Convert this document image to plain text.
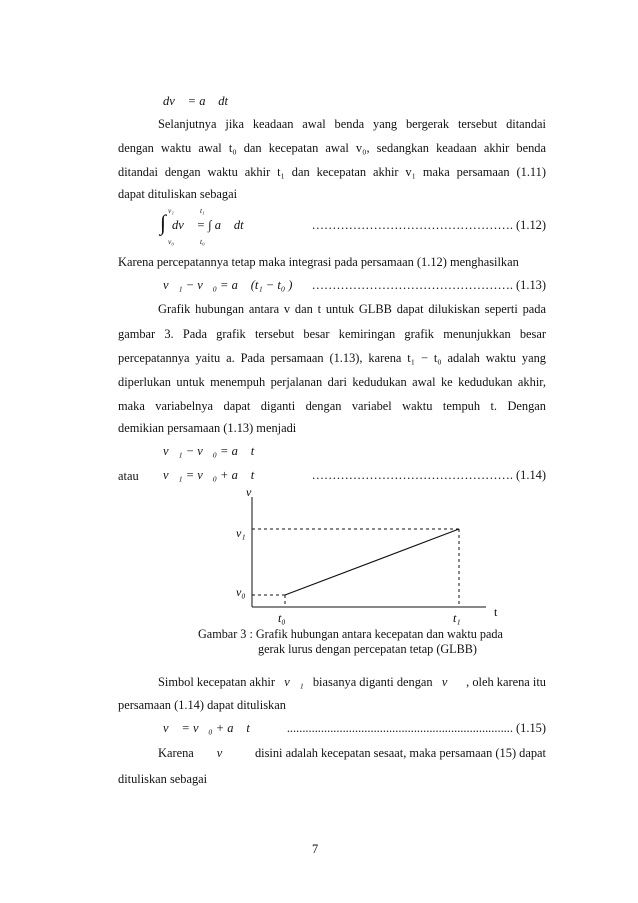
dv⃗ = a⃗ dt
Selanjutnya jika keadaan awal benda yang bergerak tersebut ditandai
dengan waktu awal t₀ dan kecepatan awal v₀, sedangkan keadaan akhir benda
ditandai dengan waktu akhir t₁ dan kecepatan akhir v₁ maka persamaan (1.11)
dapat dituliskan sebagai
v₁
v₀
t₁
t₀
∫ dv⃗ = ∫ a⃗ dt	…………………………………………. (1.12)
Karena percepatannya tetap maka integrasi pada persamaan (1.12) menghasilkan
v⃗₁ − v⃗₀ = a⃗ (t₁ − t₀ ) …………………………………………. (1.13)
Grafik hubungan antara v dan t untuk GLBB dapat dilukiskan seperti pada
gambar 3. Pada grafik tersebut besar kemiringan grafik menunjukkan besar
percepatannya yaitu a. Pada persamaan (1.13), karena t₁ − t₀ adalah waktu yang
diperlukan untuk menempuh perjalanan dari kedudukan awal ke kedudukan akhir,
maka variabelnya dapat diganti dengan variabel waktu tempuh t. Dengan
demikian persamaan (1.13) menjadi
v⃗₁ − v⃗₀ = a⃗ t
atau v⃗₁ = v⃗₀ + a⃗ t	…………………………………………. (1.14)
v
t
v₁
v₀
t₀	t₁
Gambar 3 : Grafik hubungan antara kecepatan dan waktu pada
gerak lurus dengan percepatan tetap (GLBB)
Simbol kecepatan akhir v⃗₁ biasanya diganti dengan v⃗ , oleh karena itu
persamaan (1.14) dapat dituliskan
v⃗ = v⃗₀ + a⃗ t	......................................................................... (1.15)
Karena v⃗ disini adalah kecepatan sesaat, maka persamaan (15) dapat
dituliskan sebagai
7
